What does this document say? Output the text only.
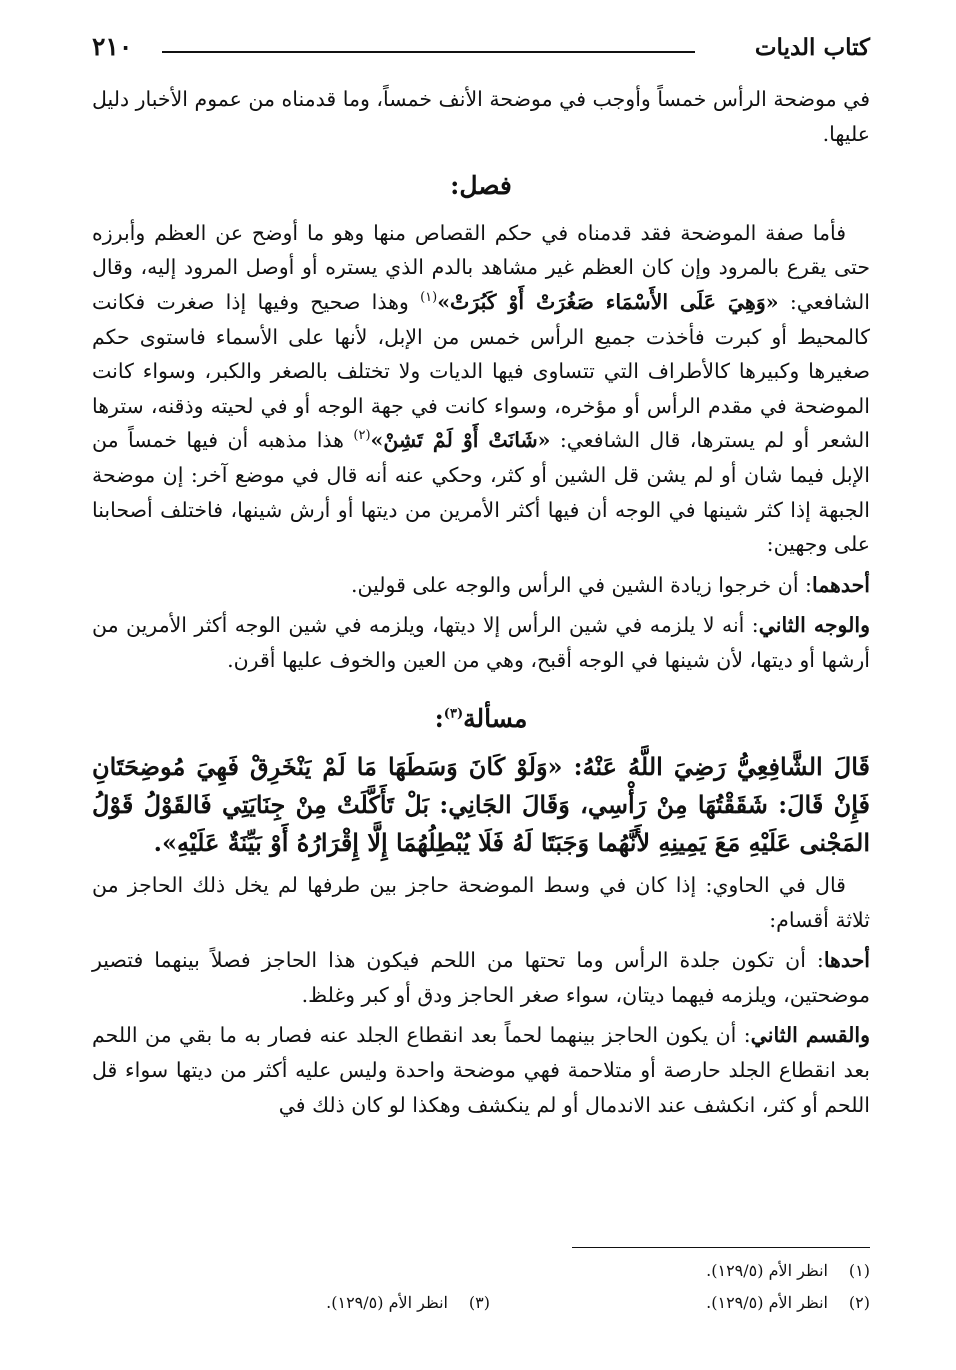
كتاب الديات
٢١٠

في موضحة الرأس خمساً وأوجب في موضحة الأنف خمساً، وما قدمناه من عموم الأخبار دليل عليها.

فصل:

فأما صفة الموضحة فقد قدمناه في حكم القصاص منها وهو ما أوضح عن العظم وأبرزه حتى يقرع بالمرود وإن كان العظم غير مشاهد بالدم الذي يستره أو أوصل المرود إليه، وقال الشافعي: «وَهِيَ عَلَى الأَسْمَاء صَغُرَتْ أَوْ كَبُرَتْ»$^{(١)}$ وهذا صحيح وفيها إذا صغرت فكانت كالمحيط أو كبرت فأخذت جميع الرأس خمس من الإبل، لأنها على الأسماء فاستوى حكم صغيرها وكبيرها كالأطراف التي تتساوى فيها الديات ولا تختلف بالصغر والكبر، وسواء كانت الموضحة في مقدم الرأس أو مؤخره، وسواء كانت في جهة الوجه أو في لحيته وذقنه، سترها الشعر أو لم يسترها، قال الشافعي: «شَانَتْ أَوْ لَمْ تَشِنْ»$^{(٢)}$ هذا مذهبه أن فيها خمساً من الإبل فيما شان أو لم يشن قل الشين أو كثر، وحكي عنه أنه قال في موضع آخر: إن موضحة الجبهة إذا كثر شينها في الوجه أن فيها أكثر الأمرين من ديتها أو أرش شينها، فاختلف أصحابنا على وجهين:

أحدهما: أن خرجوا زيادة الشين في الرأس والوجه على قولين.

والوجه الثاني: أنه لا يلزمه في شين الرأس إلا ديتها، ويلزمه في شين الوجه أكثر الأمرين من أرشها أو ديتها، لأن شينها في الوجه أقبح، وهي من العين والخوف عليها أقرن.

مسألة$^{(٣)}$:

قَالَ الشَّافِعِيُّ رَضِيَ اللَّهُ عَنْهُ: «وَلَوْ كَانَ وَسَطَهَا مَا لَمْ يَنْخَرِقْ فَهِيَ مُوضِحَتَانِ فَإِنْ قَالَ: شَقَقْتُهَا مِنْ رَأْسِي، وَقَالَ الجَانِي: بَلْ تَأَكَّلَتْ مِنْ جِنَايَتِي فَالقَوْلُ قَوْلُ المَجْنى عَلَيْهِ مَعَ يَمِينِهِ لأَنَّهُما وَجَبَتَا لَهُ فَلَا يُبْطِلُهُمَا إِلَّا إِقْرَارُهُ أَوْ بَيِّنَةٌ عَلَيْهِ».

قال في الحاوي: إذا كان في وسط الموضحة حاجز بين طرفها لم يخل ذلك الحاجز من ثلاثة أقسام:

أحدها: أن تكون جلدة الرأس وما تحتها من اللحم فيكون هذا الحاجز فصلاً بينهما فتصير موضحتين، ويلزمه فيهما ديتان، سواء صغر الحاجز ودق أو كبر وغلظ.

والقسم الثاني: أن يكون الحاجز بينهما لحماً بعد انقطاع الجلد عنه فصار به ما بقي من اللحم بعد انقطاع الجلد حارصة أو متلاحمة فهي موضحة واحدة وليس عليه أكثر من ديتها سواء قل اللحم أو كثر، انكشف عند الاندمال أو لم ينكشف وهكذا لو كان ذلك في

(١)انظر الأم (١٢٩/٥).
(٢)انظر الأم (١٢٩/٥).
(٣)انظر الأم (١٢٩/٥).
